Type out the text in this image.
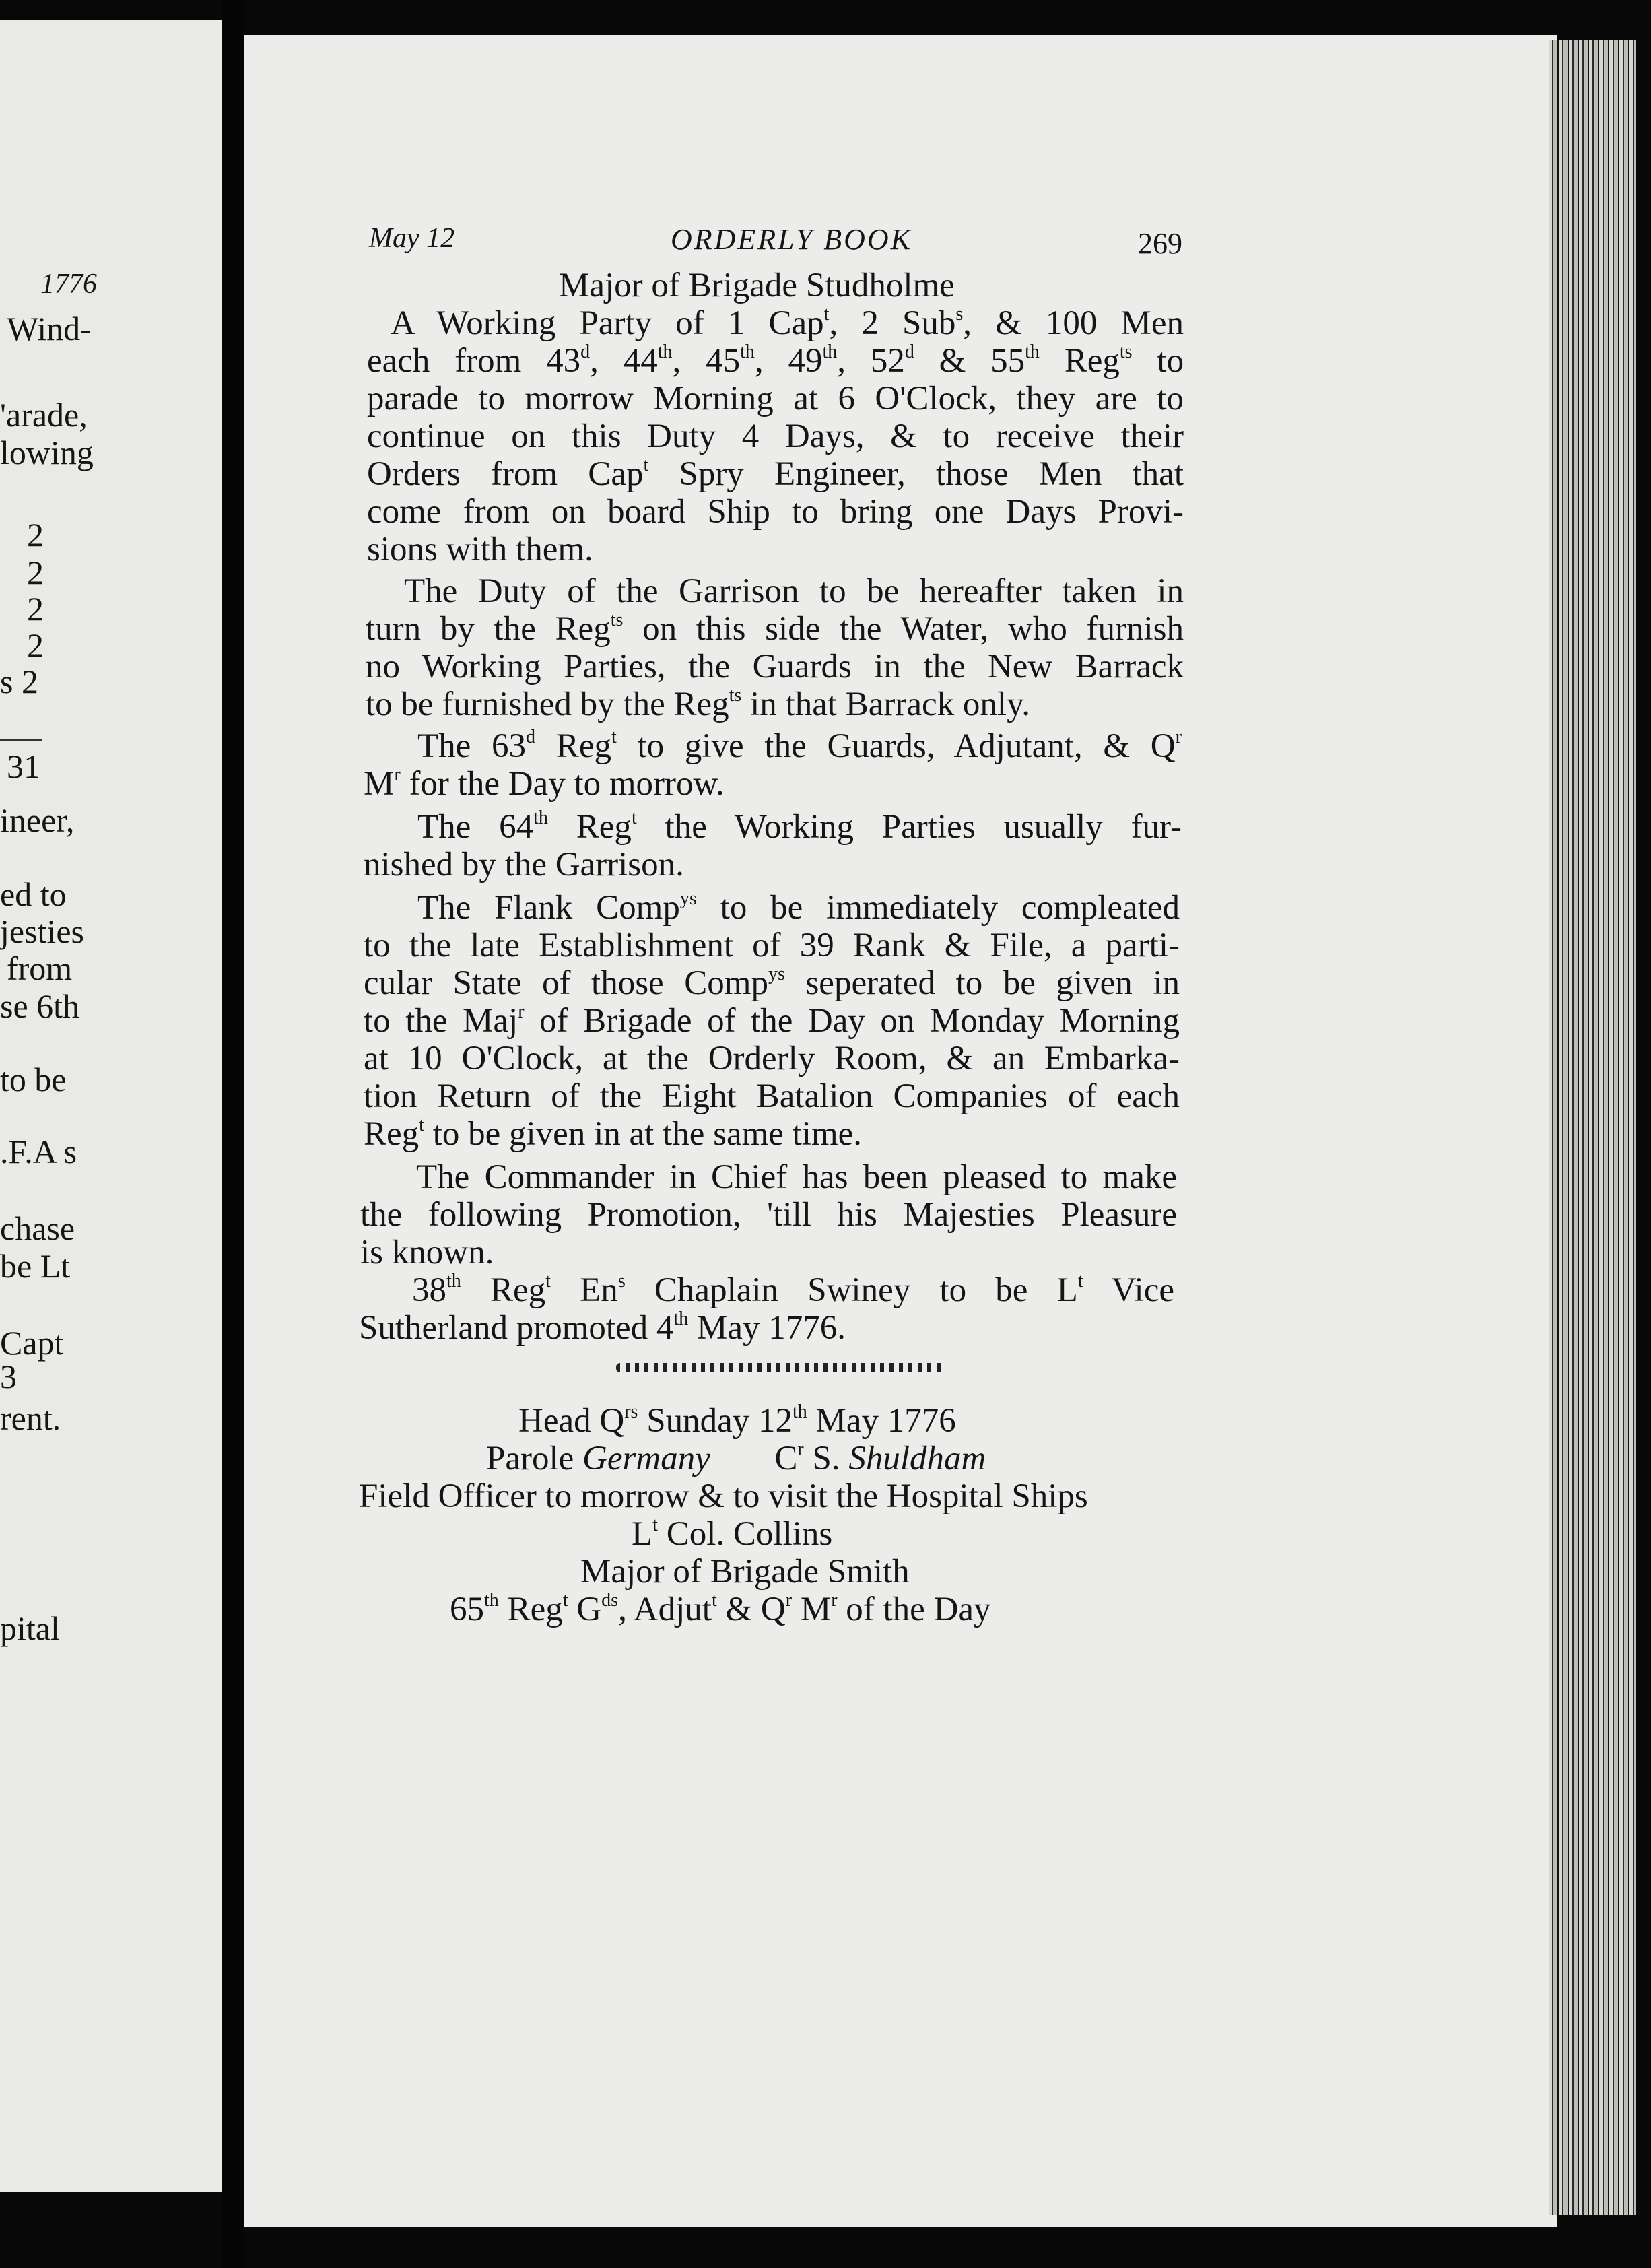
1776
Wind-
'arade,
lowing
2
2
2
2
s 2
31
ineer,
ed to
jesties
from
se 6th
to be
.F.A s
chase
be Lt
Capt
3
rent.
pital
May 12	ORDERLY BOOK	269
Major of Brigade Studholme
A Working Party of 1 Cap$^t$, 2 Sub$^s$, & 100 Men
each from 43$^d$, 44th, 45th, 49th, 52$^d$ & 55th Reg$^{ts}$ to
parade to morrow Morning at 6 O'Clock, they are to
continue on this Duty 4 Days, & to receive their
Orders from Cap$^t$ Spry Engineer, those Men that
come from on board Ship to bring one Days Provi-
sions with them.
The Duty of the Garrison to be hereafter taken in
turn by the Reg$^{ts}$ on this side the Water, who furnish
no Working Parties, the Guards in the New Barrack
to be furnished by the Reg$^{ts}$ in that Barrack only.
The 63$^d$ Reg$^t$ to give the Guards, Adjutant, & $Q^r$
$M^r$ for the Day to morrow.
The 64th Reg$^t$ the Working Parties usually fur-
nished by the Garrison.
The Flank Comp$^{ys}$ to be immediately compleated
to the late Establishment of 39 Rank & File, a parti-
cular State of those Comp$^{ys}$ seperated to be given in
to the Maj$^r$ of Brigade of the Day on Monday Morning
at 10 O'Clock, at the Orderly Room, & an Embarka-
tion Return of the Eight Batalion Companies of each
Reg$^t$ to be given in at the same time.
The Commander in Chief has been pleased to make
the following Promotion, 'till his Majesties Pleasure
is known.
38th Reg$^t$ En$^s$ Chaplain Swiney to be $L^t$ Vice
Sutherland promoted 4th May 1776.
Head $Q^{rs}$ Sunday 12th May 1776
Parole Germany $C^r$ S. Shuldham
Field Officer to morrow & to visit the Hospital Ships
$L^t$ Col. Collins
Major of Brigade Smith
65th Reg$^t$ $G^{ds}$, Adjut$^t$ & $Q^r$ $M^r$ of the Day
